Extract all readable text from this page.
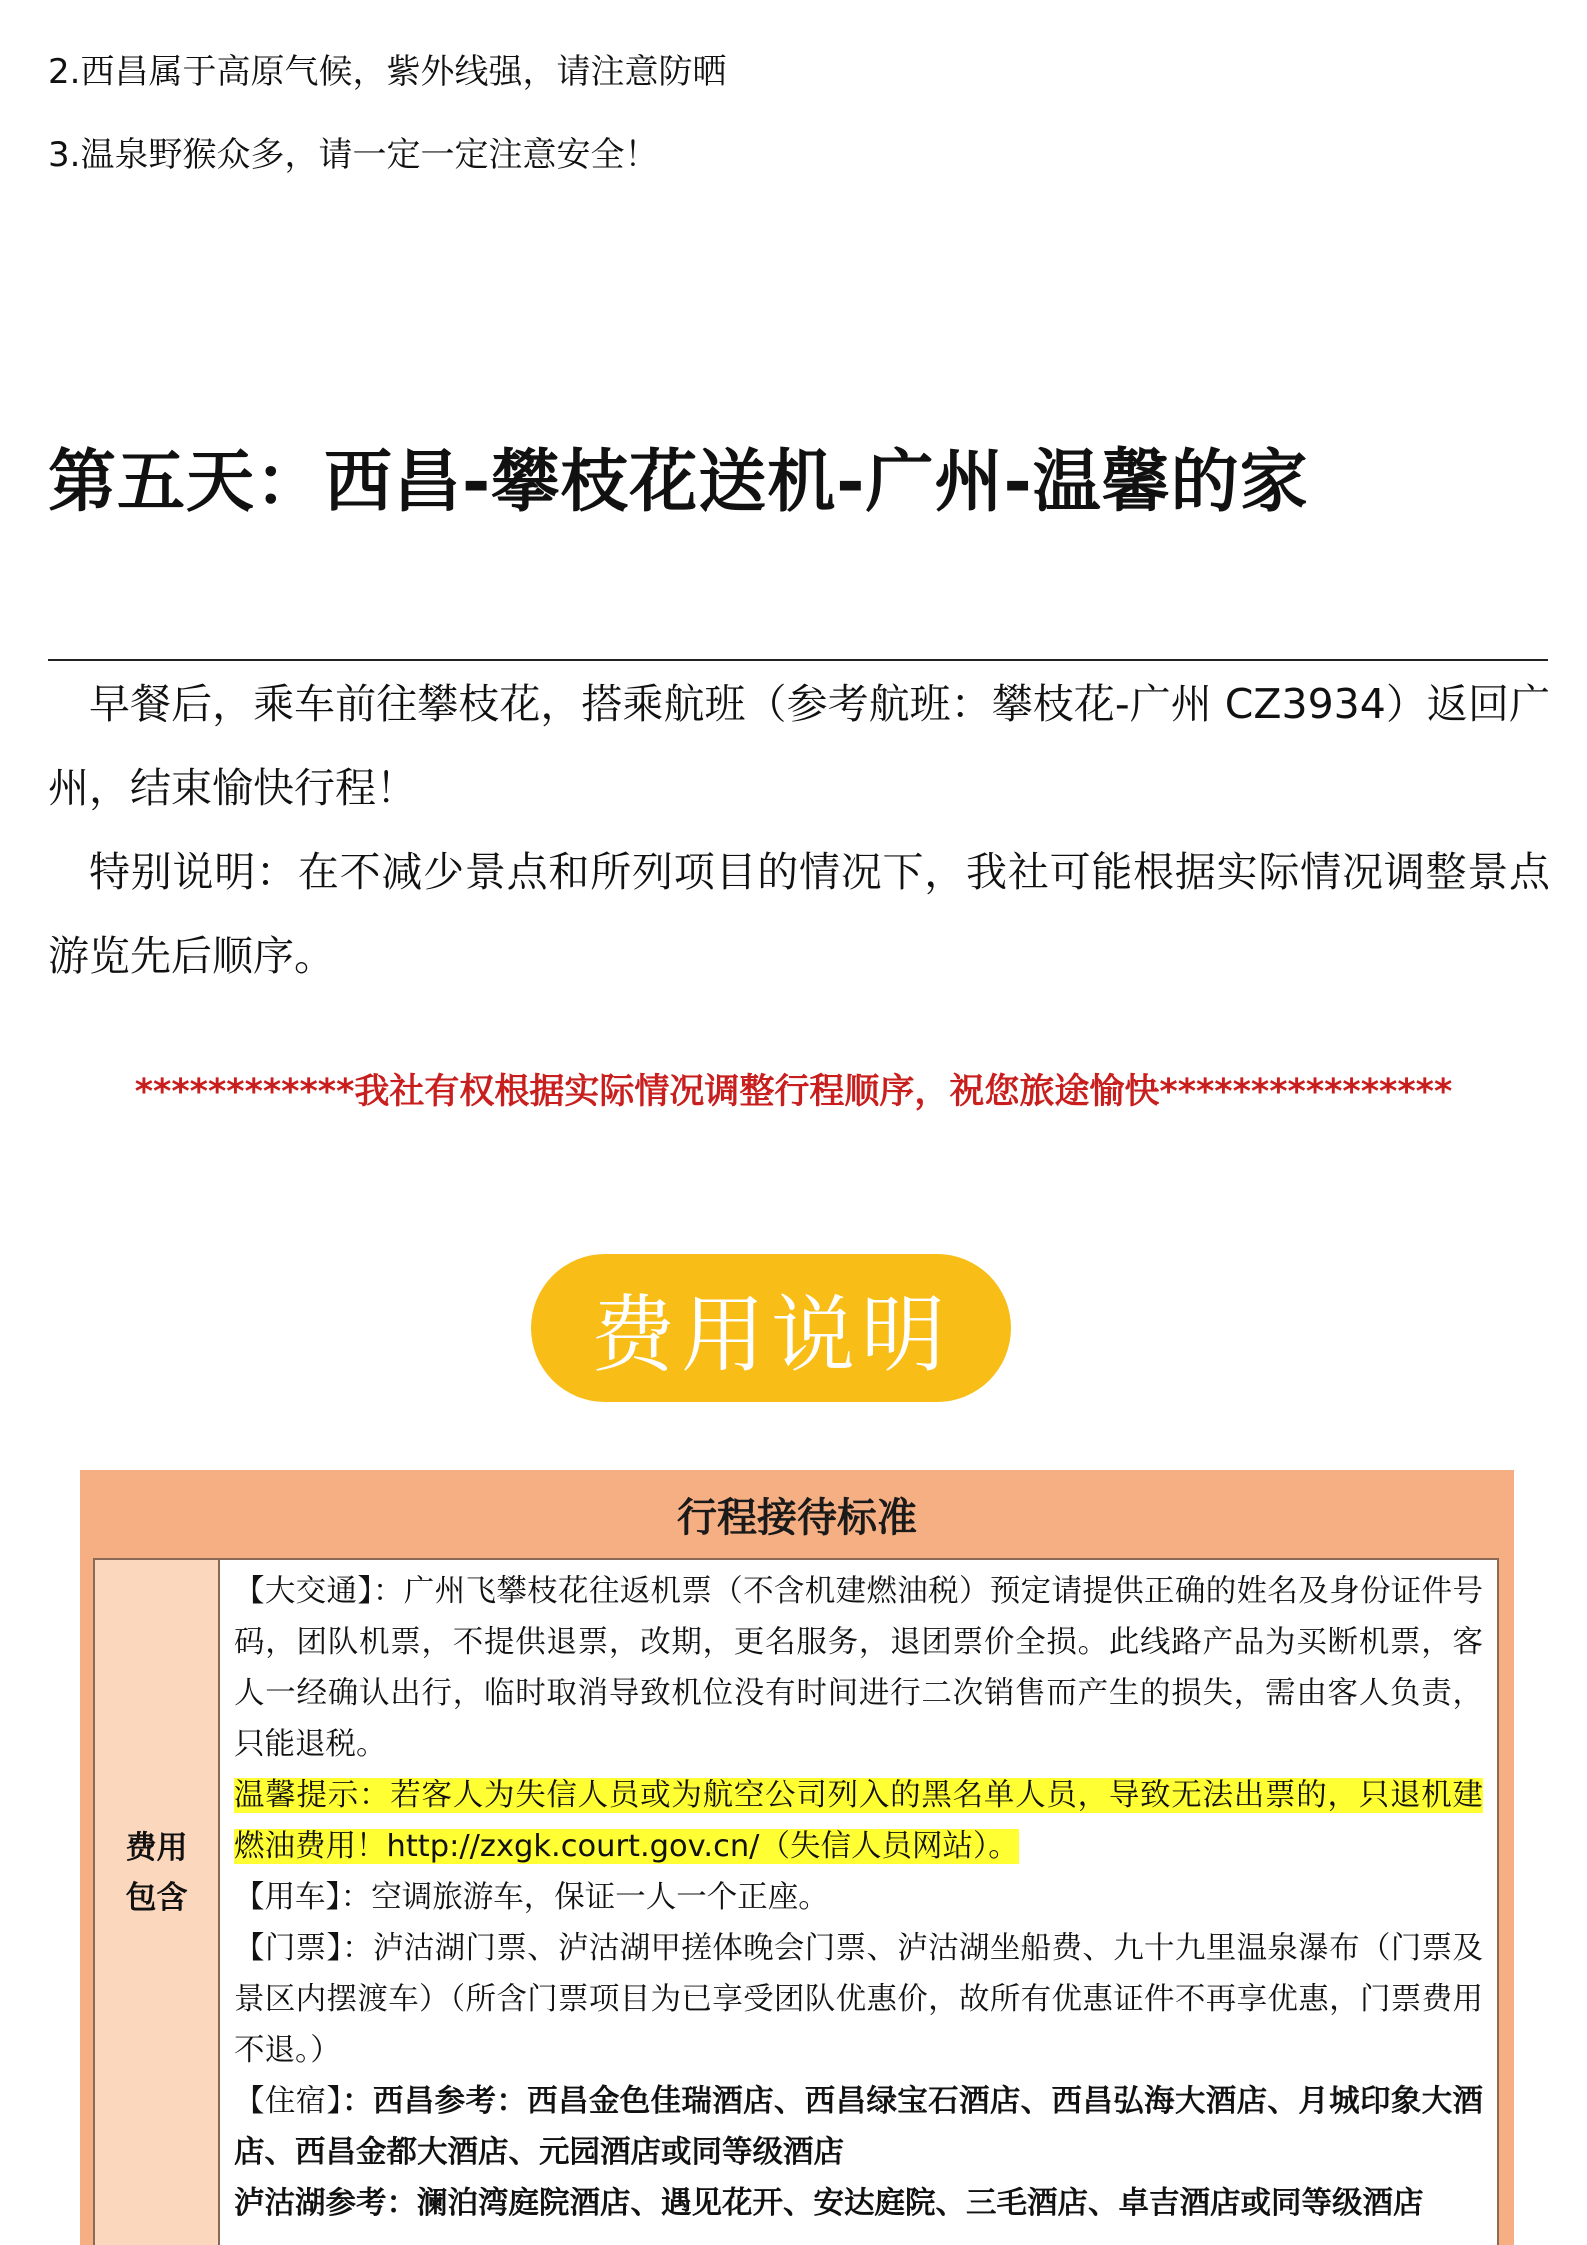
2.西昌属于高原气候，紫外线强，请注意防晒
3.温泉野猴众多，请一定一定注意安全！
第五天：西昌-攀枝花送机-广州-温馨的家

早餐后，乘车前往攀枝花，搭乘航班（参考航班：攀枝花-广州 CZ3934）返回广州，结束愉快行程！

特别说明：在不减少景点和所列项目的情况下，我社可能根据实际情况调整景点游览先后顺序。

************我社有权根据实际情况调整行程顺序，祝您旅途愉快****************
费用说明
行程接待标准
费用包含

【大交通】：广州飞攀枝花往返机票（不含机建燃油税）预定请提供正确的姓名及身份证件号码，团队机票，不提供退票，改期，更名服务，退团票价全损。此线路产品为买断机票，客人一经确认出行，临时取消导致机位没有时间进行二次销售而产生的损失，需由客人负责，只能退税。

温馨提示：若客人为失信人员或为航空公司列入的黑名单人员，导致无法出票的，只退机建燃油费用！http://zxgk.court.gov.cn/（失信人员网站）。

【用车】：空调旅游车，保证一人一个正座。

【门票】：泸沽湖门票、泸沽湖甲搓体晚会门票、泸沽湖坐船费、九十九里温泉瀑布（门票及景区内摆渡车）（所含门票项目为已享受团队优惠价，故所有优惠证件不再享优惠，门票费用不退。）

【住宿】：西昌参考：西昌金色佳瑞酒店、西昌绿宝石酒店、西昌弘海大酒店、月城印象大酒店、西昌金都大酒店、元园酒店或同等级酒店

泸沽湖参考：澜泊湾庭院酒店、遇见花开、安达庭院、三毛酒店、卓吉酒店或同等级酒店
